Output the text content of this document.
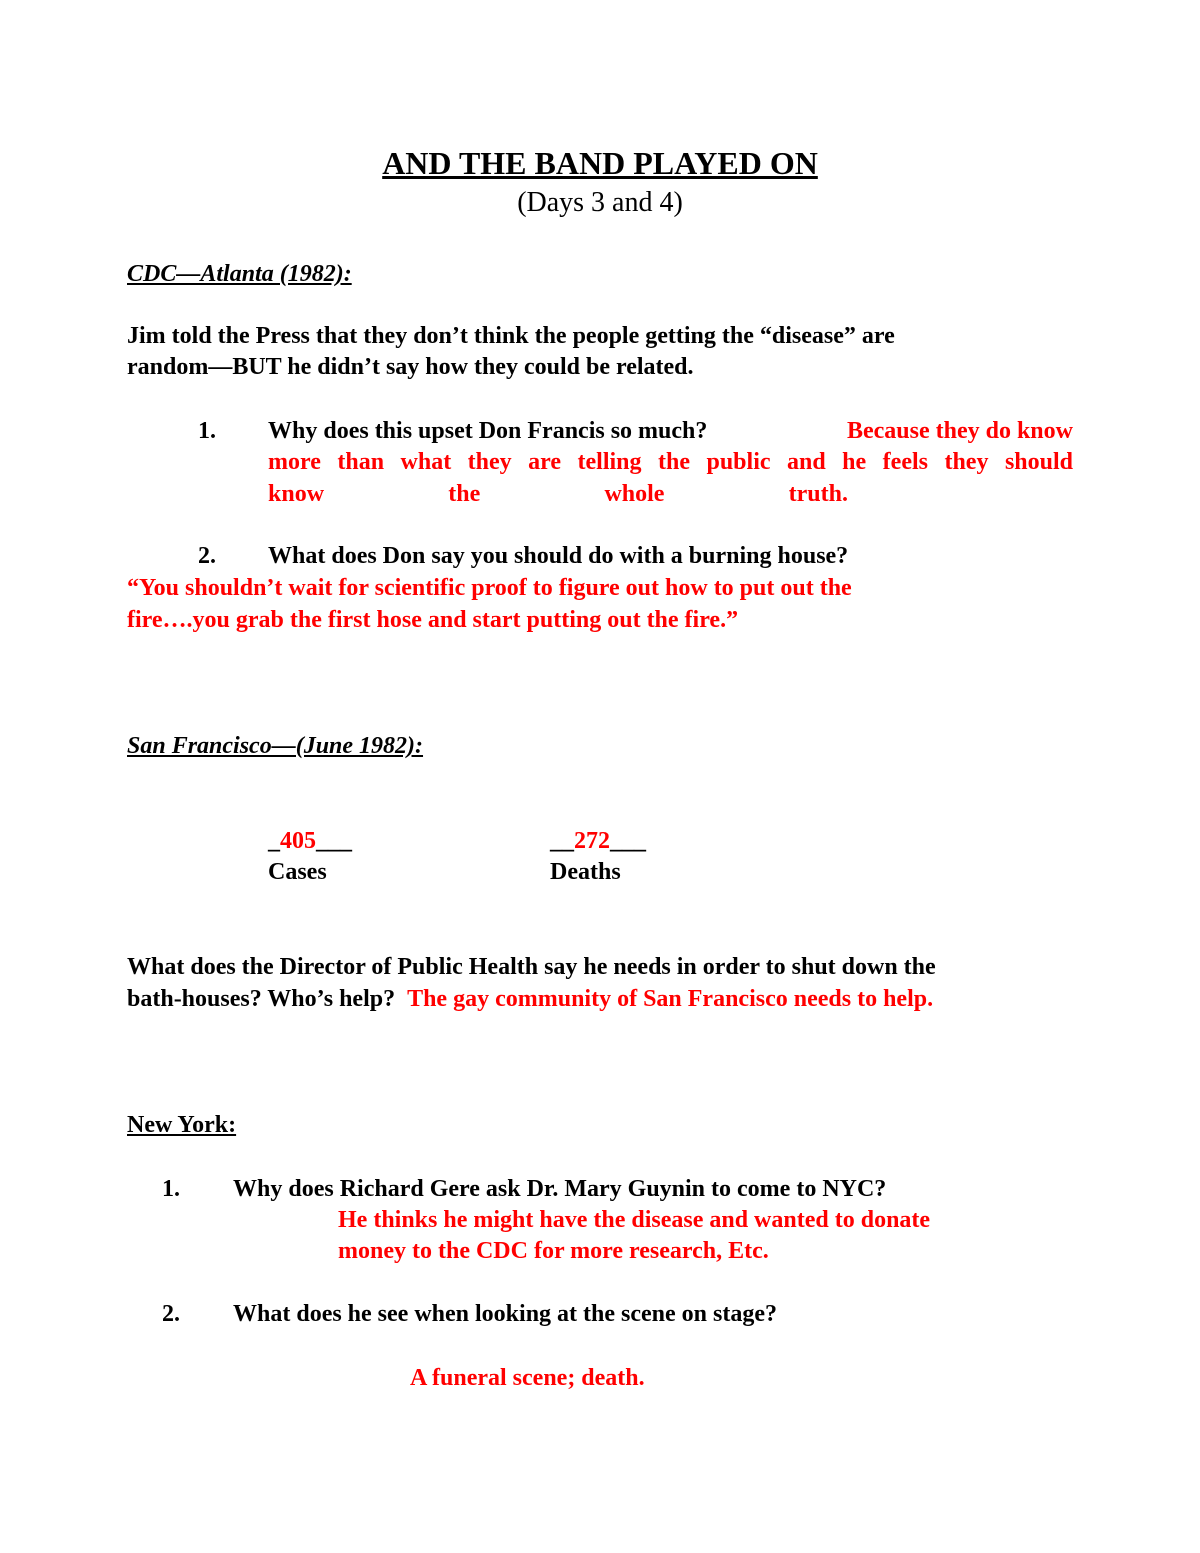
AND THE BAND PLAYED ON
(Days 3 and 4)
CDC—Atlanta (1982):
Jim told the Press that they don’t think the people getting the “disease” are
random—BUT he didn’t say how they could be related.
1. Why does this upset Don Francis so much?	Because they do know
more than what they are telling the public and he feels they should
know	the	whole	truth.
2. What does Don say you should do with a burning house?
“You shouldn’t wait for scientific proof to figure out how to put out the
fire….you grab the first hose and start putting out the fire.”
San Francisco—(June 1982):
_405___
Cases
__272___
Deaths
What does the Director of Public Health say he needs in order to shut down the
bath-houses? Who’s help? The gay community of San Francisco needs to help.
New York:
1. Why does Richard Gere ask Dr. Mary Guynin to come to NYC?
He thinks he might have the disease and wanted to donate
money to the CDC for more research, Etc.
2. What does he see when looking at the scene on stage?
A funeral scene; death.
